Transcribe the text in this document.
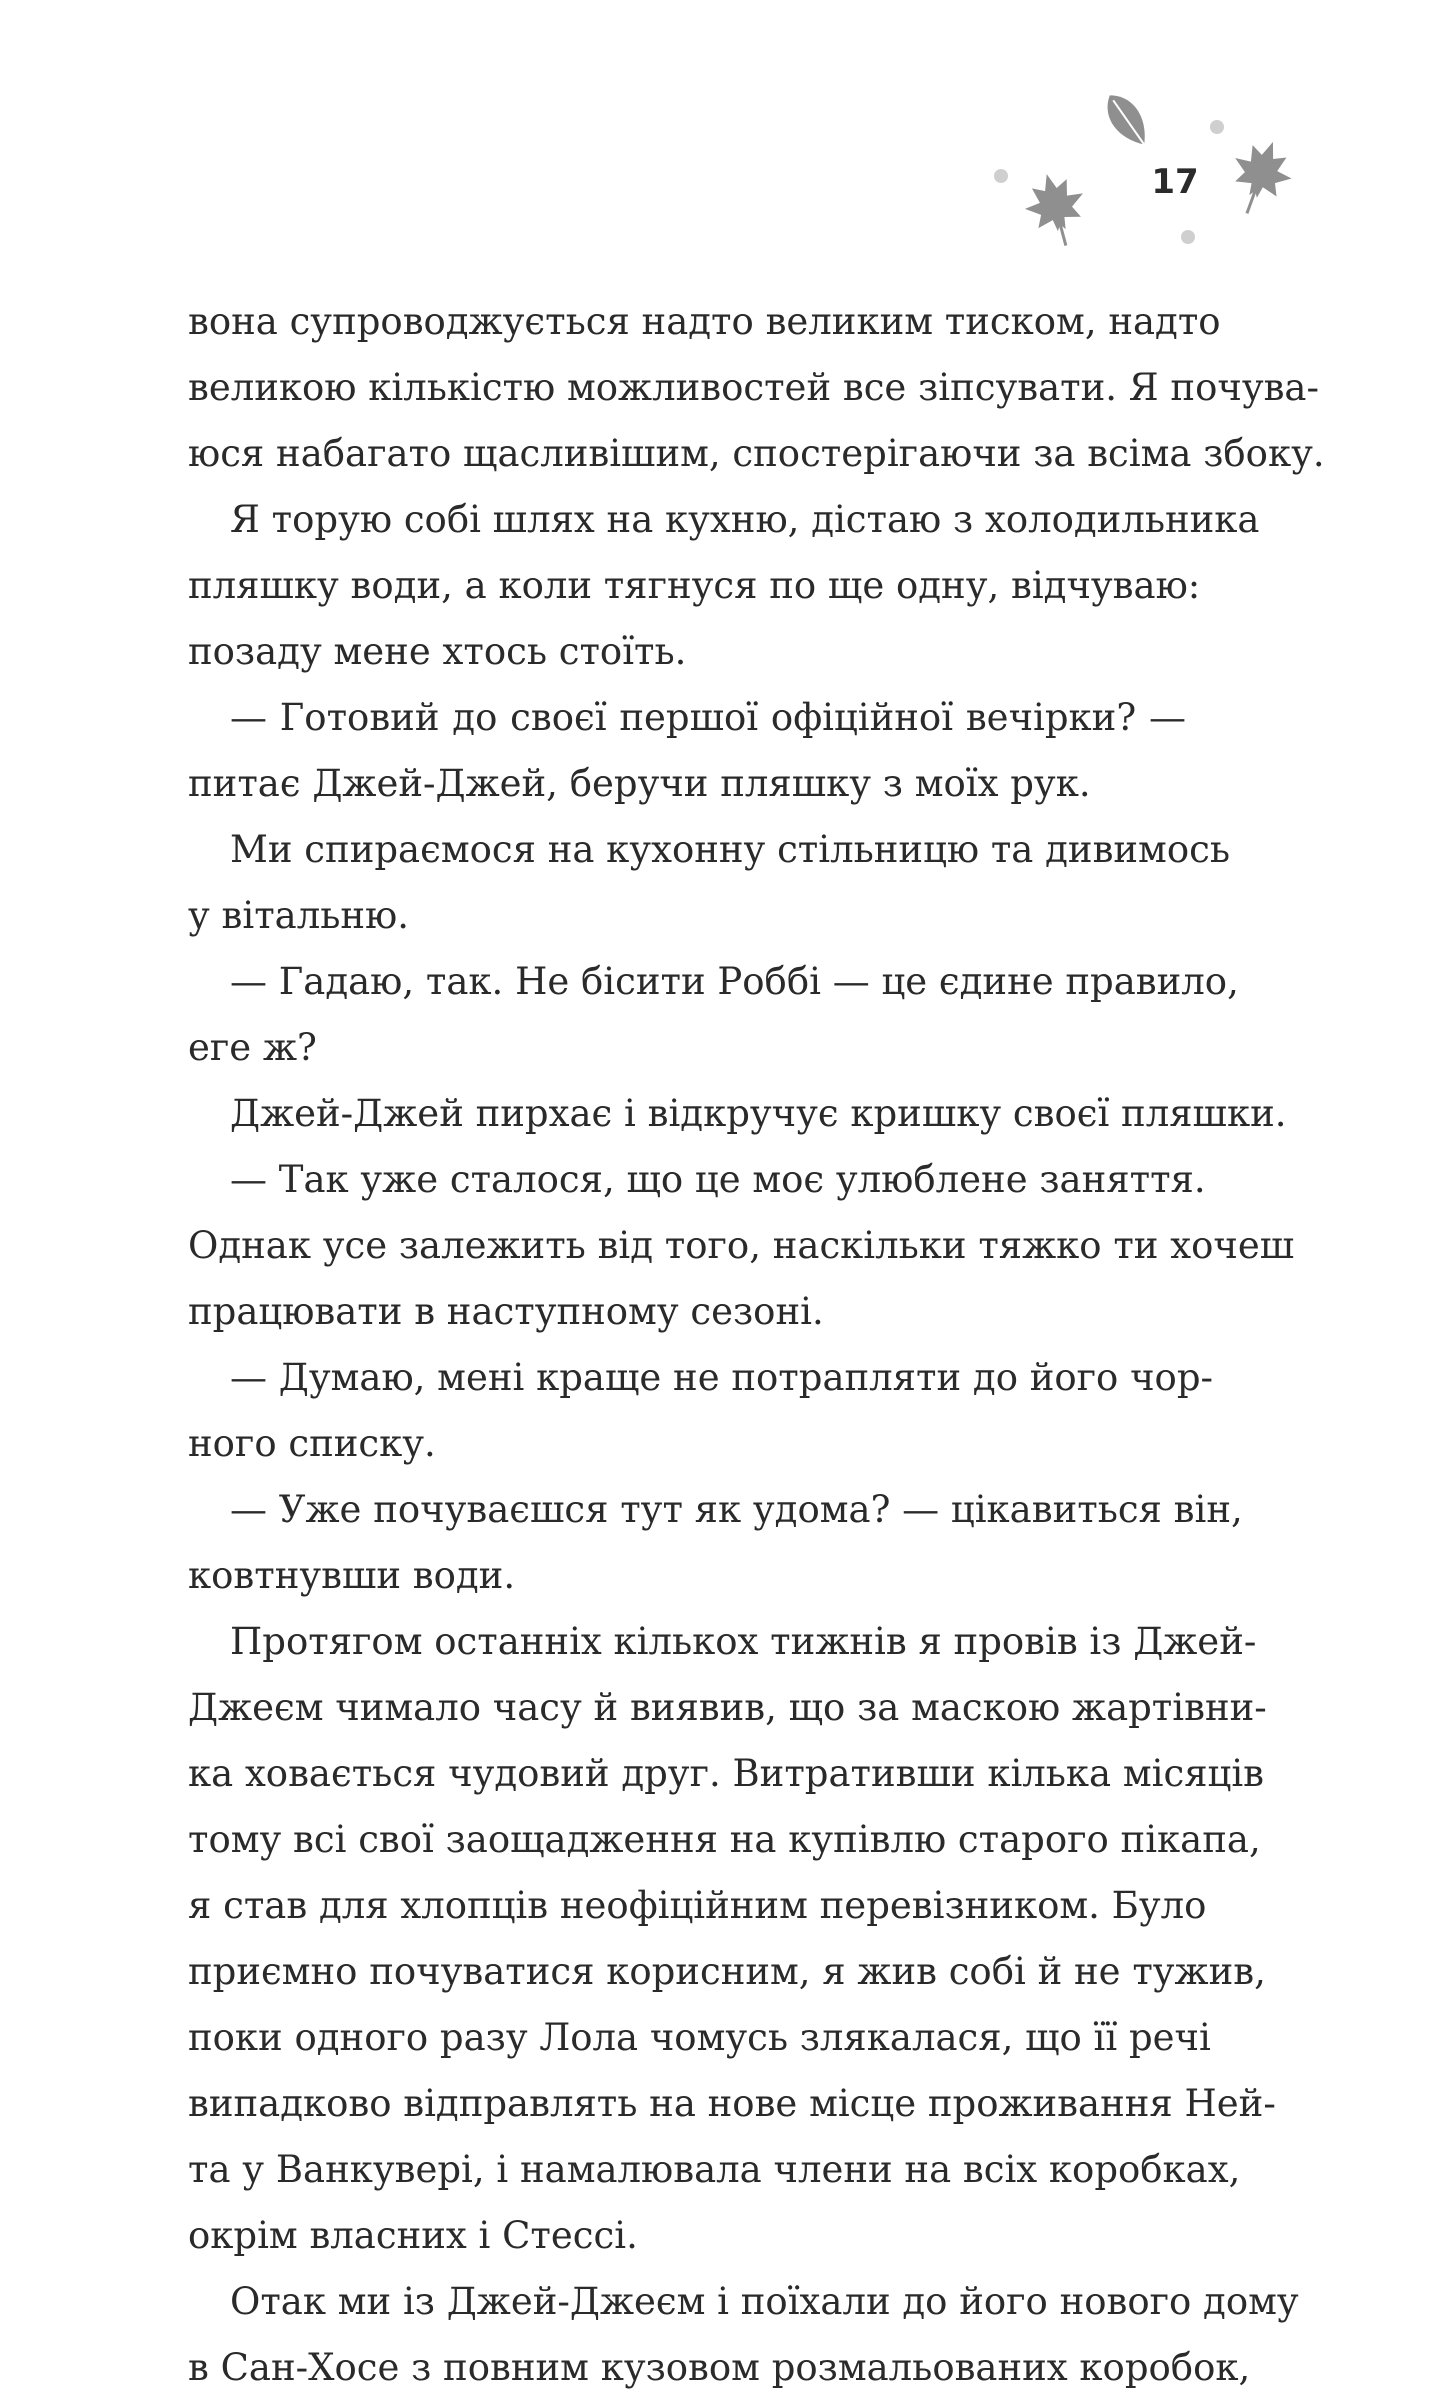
17
вона супроводжується надто великим тиском, надто
великою кількістю можливостей все зіпсувати. Я почува-
юся набагато щасливішим, спостерігаючи за всіма збоку.
Я торую собі шлях на кухню, дістаю з холодильника
пляшку води, а коли тягнуся по ще одну, відчуваю:
позаду мене хтось стоїть.
— Готовий до своєї першої офіційної вечірки? —
питає Джей-Джей, беручи пляшку з моїх рук.
Ми спираємося на кухонну стільницю та дивимось
у вітальню.
— Гадаю, так. Не бісити Роббі — це єдине правило,
еге ж?
Джей-Джей пирхає і відкручує кришку своєї пляшки.
— Так уже сталося, що це моє улюблене заняття.
Однак усе залежить від того, наскільки тяжко ти хочеш
працювати в наступному сезоні.
— Думаю, мені краще не потрапляти до його чор-
ного списку.
— Уже почуваєшся тут як удома? — цікавиться він,
ковтнувши води.
Протягом останніх кількох тижнів я провів із Джей-
Джеєм чимало часу й виявив, що за маскою жартівни-
ка ховається чудовий друг. Витративши кілька місяців
тому всі свої заощадження на купівлю старого пікапа,
я став для хлопців неофіційним перевізником. Було
приємно почуватися корисним, я жив собі й не тужив,
поки одного разу Лола чомусь злякалася, що її речі
випадково відправлять на нове місце проживання Ней-
та у Ванкувері, і намалювала члени на всіх коробках,
окрім власних і Стессі.
Отак ми із Джей-Джеєм і поїхали до його нового дому
в Сан-Хосе з повним кузовом розмальованих коробок,
